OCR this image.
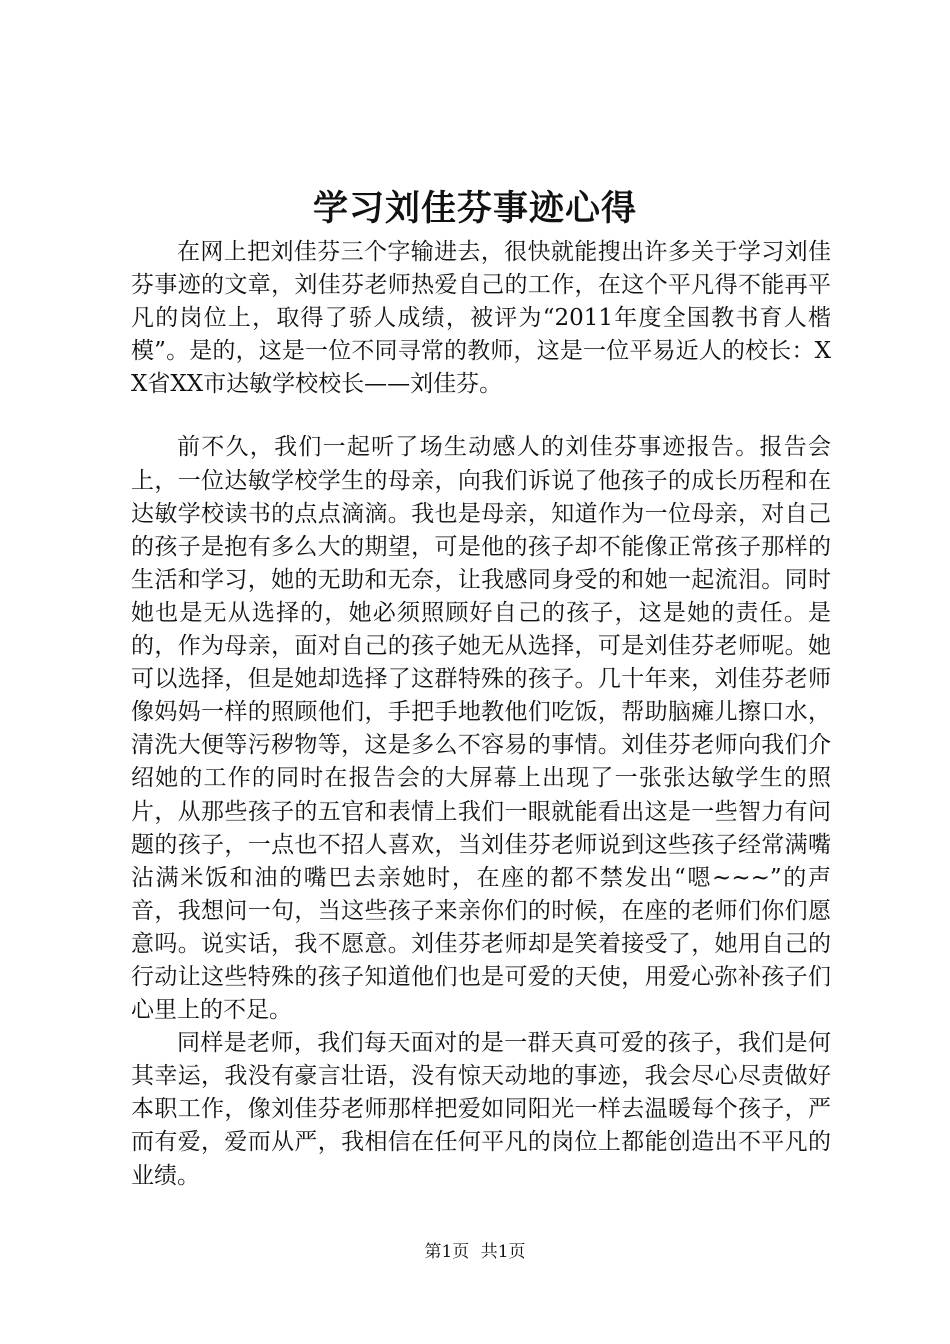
学习刘佳芬事迹心得

在网上把刘佳芬三个字输进去，很快就能搜出许多关于学习刘佳芬事迹的文章，刘佳芬老师热爱自己的工作，在这个平凡得不能再平凡的岗位上，取得了骄人成绩，被评为“2011年度全国教书育人楷模”。是的，这是一位不同寻常的教师，这是一位平易近人的校长：XX省XX市达敏学校校长——刘佳芬。

前不久，我们一起听了场生动感人的刘佳芬事迹报告。报告会上，一位达敏学校学生的母亲，向我们诉说了他孩子的成长历程和在达敏学校读书的点点滴滴。我也是母亲，知道作为一位母亲，对自己的孩子是抱有多么大的期望，可是他的孩子却不能像正常孩子那样的生活和学习，她的无助和无奈，让我感同身受的和她一起流泪。同时她也是无从选择的，她必须照顾好自己的孩子，这是她的责任。是的，作为母亲，面对自己的孩子她无从选择，可是刘佳芬老师呢。她可以选择，但是她却选择了这群特殊的孩子。几十年来，刘佳芬老师像妈妈一样的照顾他们，手把手地教他们吃饭，帮助脑瘫儿擦口水，清洗大便等污秽物等，这是多么不容易的事情。刘佳芬老师向我们介绍她的工作的同时在报告会的大屏幕上出现了一张张达敏学生的照片，从那些孩子的五官和表情上我们一眼就能看出这是一些智力有问题的孩子，一点也不招人喜欢，当刘佳芬老师说到这些孩子经常满嘴沾满米饭和油的嘴巴去亲她时，在座的都不禁发出“嗯~~~”的声音，我想问一句，当这些孩子来亲你们的时候，在座的老师们你们愿意吗。说实话，我不愿意。刘佳芬老师却是笑着接受了，她用自己的行动让这些特殊的孩子知道他们也是可爱的天使，用爱心弥补孩子们心里上的不足。

同样是老师，我们每天面对的是一群天真可爱的孩子，我们是何其幸运，我没有豪言壮语，没有惊天动地的事迹，我会尽心尽责做好本职工作，像刘佳芬老师那样把爱如同阳光一样去温暖每个孩子，严而有爱，爱而从严，我相信在任何平凡的岗位上都能创造出不平凡的业绩。

第1页 共1页
